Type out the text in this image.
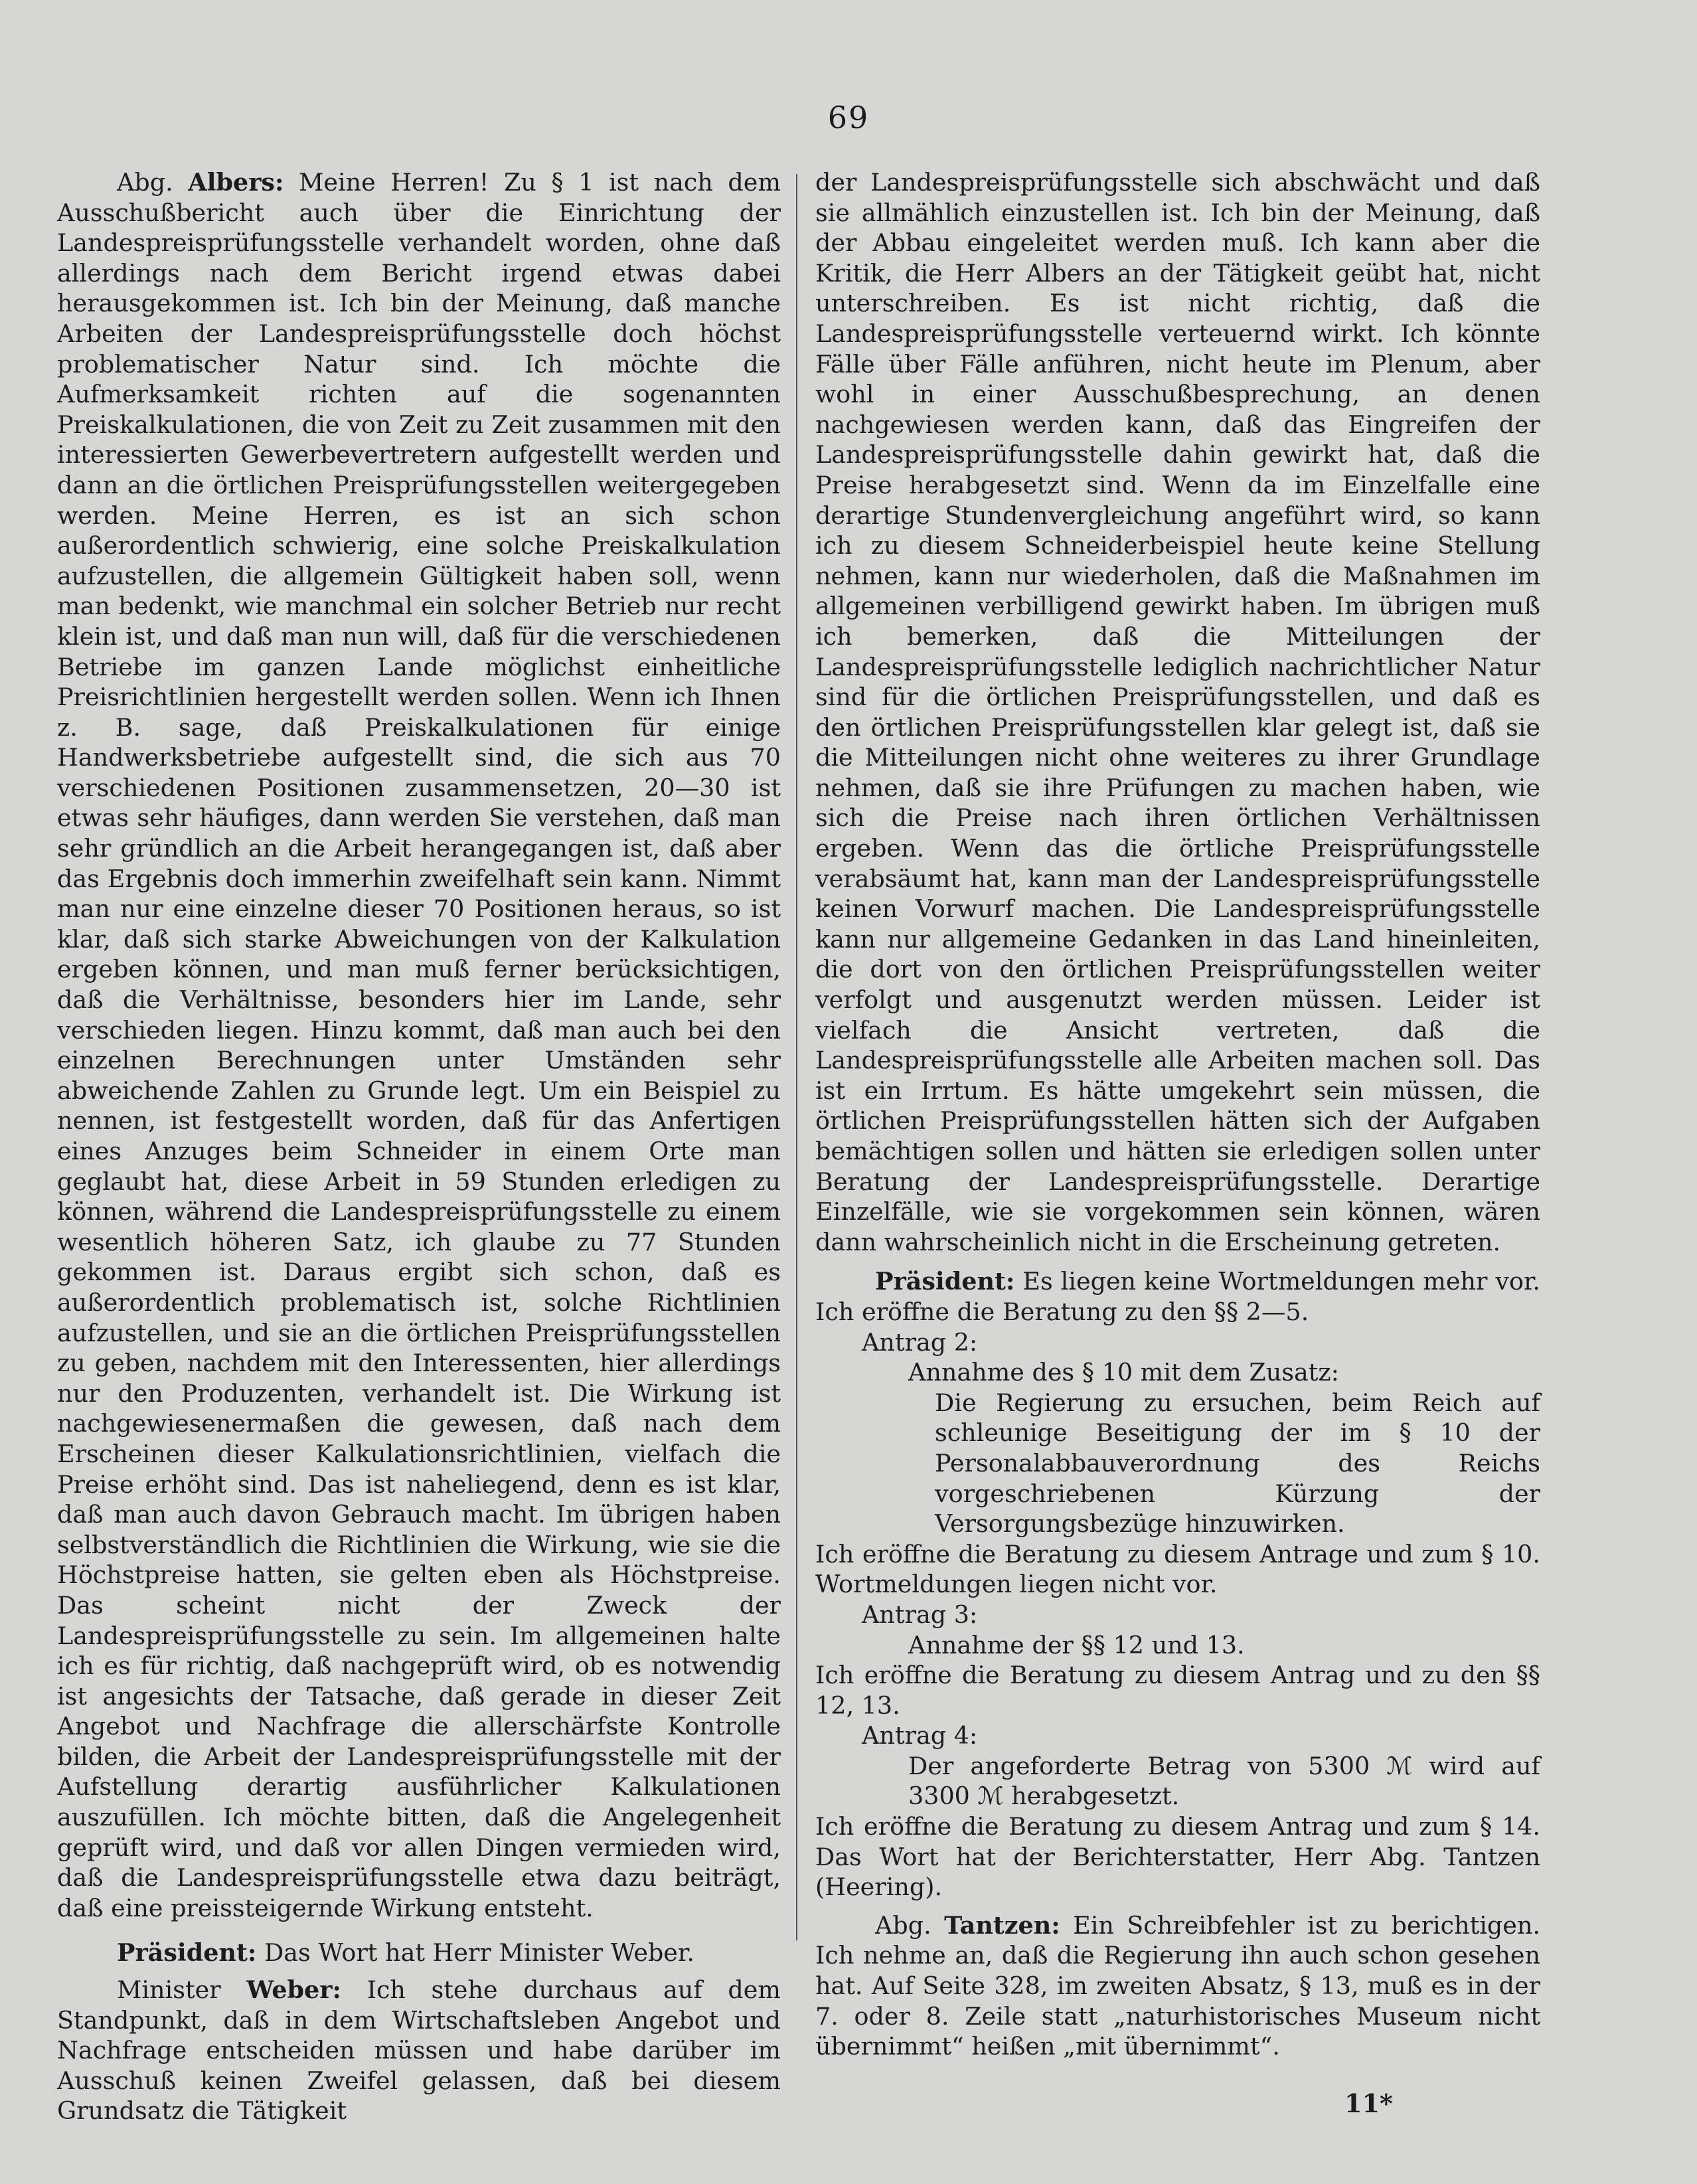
69

Abg. Albers: Meine Herren! Zu § 1 ist nach dem Ausschußbericht auch über die Einrichtung der Landespreisprüfungsstelle verhandelt worden, ohne daß allerdings nach dem Bericht irgend etwas dabei herausgekommen ist. Ich bin der Meinung, daß manche Arbeiten der Landespreisprüfungsstelle doch höchst problematischer Natur sind. Ich möchte die Aufmerksamkeit richten auf die sogenannten Preiskalkulationen, die von Zeit zu Zeit zusammen mit den interessierten Gewerbevertretern aufgestellt werden und dann an die örtlichen Preisprüfungsstellen weitergegeben werden. Meine Herren, es ist an sich schon außerordentlich schwierig, eine solche Preiskalkulation aufzustellen, die allgemein Gültigkeit haben soll, wenn man bedenkt, wie manchmal ein solcher Betrieb nur recht klein ist, und daß man nun will, daß für die verschiedenen Betriebe im ganzen Lande möglichst einheitliche Preisrichtlinien hergestellt werden sollen. Wenn ich Ihnen z. B. sage, daß Preiskalkulationen für einige Handwerksbetriebe aufgestellt sind, die sich aus 70 verschiedenen Positionen zusammensetzen, 20—30 ist etwas sehr häufiges, dann werden Sie verstehen, daß man sehr gründlich an die Arbeit herangegangen ist, daß aber das Ergebnis doch immerhin zweifelhaft sein kann. Nimmt man nur eine einzelne dieser 70 Positionen heraus, so ist klar, daß sich starke Abweichungen von der Kalkulation ergeben können, und man muß ferner berücksichtigen, daß die Verhältnisse, besonders hier im Lande, sehr verschieden liegen. Hinzu kommt, daß man auch bei den einzelnen Berechnungen unter Umständen sehr abweichende Zahlen zu Grunde legt. Um ein Beispiel zu nennen, ist festgestellt worden, daß für das Anfertigen eines Anzuges beim Schneider in einem Orte man geglaubt hat, diese Arbeit in 59 Stunden erledigen zu können, während die Landespreisprüfungsstelle zu einem wesentlich höheren Satz, ich glaube zu 77 Stunden gekommen ist. Daraus ergibt sich schon, daß es außerordentlich problematisch ist, solche Richtlinien aufzustellen, und sie an die örtlichen Preisprüfungsstellen zu geben, nachdem mit den Interessenten, hier allerdings nur den Produzenten, verhandelt ist. Die Wirkung ist nachgewiesenermaßen die gewesen, daß nach dem Erscheinen dieser Kalkulationsrichtlinien, vielfach die Preise erhöht sind. Das ist naheliegend, denn es ist klar, daß man auch davon Gebrauch macht. Im übrigen haben selbstverständlich die Richtlinien die Wirkung, wie sie die Höchstpreise hatten, sie gelten eben als Höchstpreise. Das scheint nicht der Zweck der Landespreisprüfungsstelle zu sein. Im allgemeinen halte ich es für richtig, daß nachgeprüft wird, ob es notwendig ist angesichts der Tatsache, daß gerade in dieser Zeit Angebot und Nachfrage die allerschärfste Kontrolle bilden, die Arbeit der Landespreisprüfungsstelle mit der Aufstellung derartig ausführlicher Kalkulationen auszufüllen. Ich möchte bitten, daß die Angelegenheit geprüft wird, und daß vor allen Dingen vermieden wird, daß die Landespreisprüfungsstelle etwa dazu beiträgt, daß eine preissteigernde Wirkung entsteht.

Präsident: Das Wort hat Herr Minister Weber.

Minister Weber: Ich stehe durchaus auf dem Standpunkt, daß in dem Wirtschaftsleben Angebot und Nachfrage entscheiden müssen und habe darüber im Ausschuß keinen Zweifel gelassen, daß bei diesem Grundsatz die Tätigkeit

der Landespreisprüfungsstelle sich abschwächt und daß sie allmählich einzustellen ist. Ich bin der Meinung, daß der Abbau eingeleitet werden muß. Ich kann aber die Kritik, die Herr Albers an der Tätigkeit geübt hat, nicht unterschreiben. Es ist nicht richtig, daß die Landespreisprüfungsstelle verteuernd wirkt. Ich könnte Fälle über Fälle anführen, nicht heute im Plenum, aber wohl in einer Ausschußbesprechung, an denen nachgewiesen werden kann, daß das Eingreifen der Landespreisprüfungsstelle dahin gewirkt hat, daß die Preise herabgesetzt sind. Wenn da im Einzelfalle eine derartige Stundenvergleichung angeführt wird, so kann ich zu diesem Schneiderbeispiel heute keine Stellung nehmen, kann nur wiederholen, daß die Maßnahmen im allgemeinen verbilligend gewirkt haben. Im übrigen muß ich bemerken, daß die Mitteilungen der Landespreisprüfungsstelle lediglich nachrichtlicher Natur sind für die örtlichen Preisprüfungsstellen, und daß es den örtlichen Preisprüfungsstellen klar gelegt ist, daß sie die Mitteilungen nicht ohne weiteres zu ihrer Grundlage nehmen, daß sie ihre Prüfungen zu machen haben, wie sich die Preise nach ihren örtlichen Verhältnissen ergeben. Wenn das die örtliche Preisprüfungsstelle verabsäumt hat, kann man der Landespreisprüfungsstelle keinen Vorwurf machen. Die Landespreisprüfungsstelle kann nur allgemeine Gedanken in das Land hineinleiten, die dort von den örtlichen Preisprüfungsstellen weiter verfolgt und ausgenutzt werden müssen. Leider ist vielfach die Ansicht vertreten, daß die Landespreisprüfungsstelle alle Arbeiten machen soll. Das ist ein Irrtum. Es hätte umgekehrt sein müssen, die örtlichen Preisprüfungsstellen hätten sich der Aufgaben bemächtigen sollen und hätten sie erledigen sollen unter Beratung der Landespreisprüfungsstelle. Derartige Einzelfälle, wie sie vorgekommen sein können, wären dann wahrscheinlich nicht in die Erscheinung getreten.

Präsident: Es liegen keine Wortmeldungen mehr vor. Ich eröffne die Beratung zu den §§ 2—5.

Antrag 2:

Annahme des § 10 mit dem Zusatz:

Die Regierung zu ersuchen, beim Reich auf schleunige Beseitigung der im § 10 der Personalabbauverordnung des Reichs vorgeschriebenen Kürzung der Versorgungsbezüge hinzuwirken.

Ich eröffne die Beratung zu diesem Antrage und zum § 10. Wortmeldungen liegen nicht vor.

Antrag 3:

Annahme der §§ 12 und 13.

Ich eröffne die Beratung zu diesem Antrag und zu den §§ 12, 13.

Antrag 4:

Der angeforderte Betrag von 5300 ℳ wird auf 3300 ℳ herabgesetzt.

Ich eröffne die Beratung zu diesem Antrag und zum § 14. Das Wort hat der Berichterstatter, Herr Abg. Tantzen (Heering).

Abg. Tantzen: Ein Schreibfehler ist zu berichtigen. Ich nehme an, daß die Regierung ihn auch schon gesehen hat. Auf Seite 328, im zweiten Absatz, § 13, muß es in der 7. oder 8. Zeile statt „naturhistorisches Museum nicht übernimmt“ heißen „mit übernimmt“.

11*
